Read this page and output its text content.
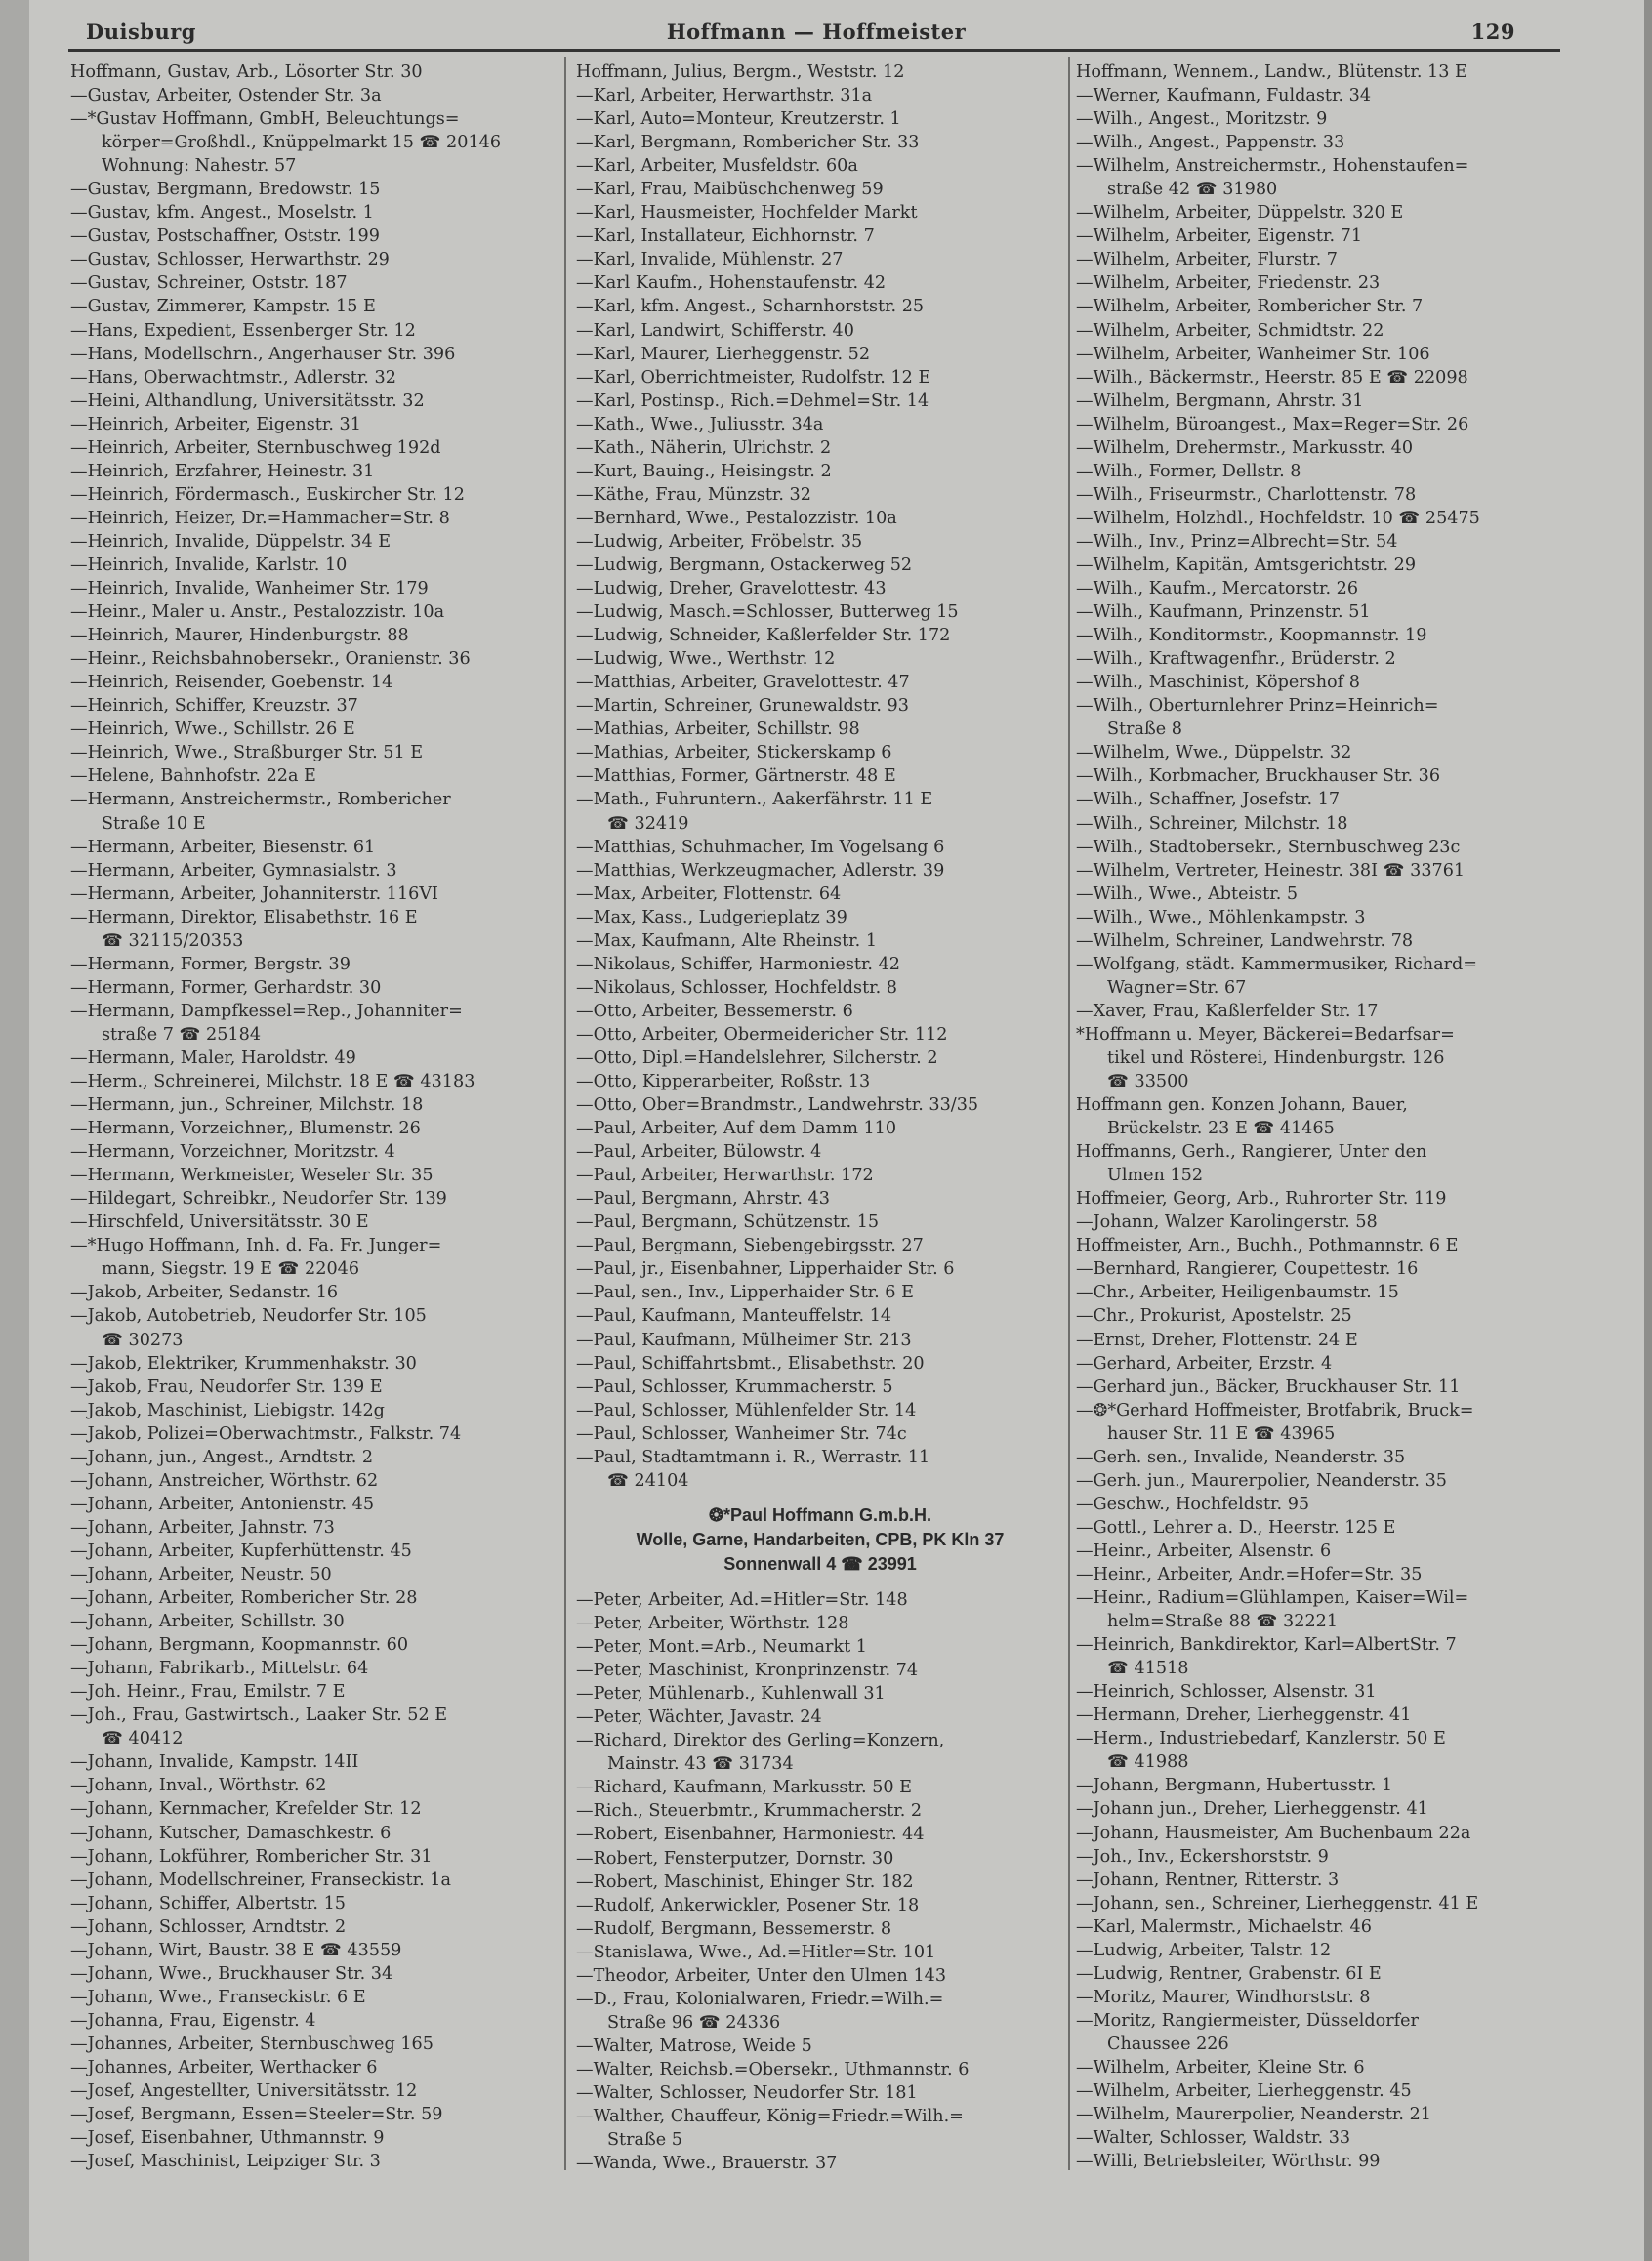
Duisburg	Hoffmann — Hoffmeister	129
Hoffmann, Gustav, Arb., Lösorter Str. 30
—Gustav, Arbeiter, Ostender Str. 3a
—*Gustav Hoffmann, GmbH, Beleuchtungs=
körper=Großhdl., Knüppelmarkt 15 ☎ 20146
Wohnung: Nahestr. 57
—Gustav, Bergmann, Bredowstr. 15
—Gustav, kfm. Angest., Moselstr. 1
—Gustav, Postschaffner, Oststr. 199
—Gustav, Schlosser, Herwarthstr. 29
—Gustav, Schreiner, Oststr. 187
—Gustav, Zimmerer, Kampstr. 15 E
—Hans, Expedient, Essenberger Str. 12
—Hans, Modellschrn., Angerhauser Str. 396
—Hans, Oberwachtmstr., Adlerstr. 32
—Heini, Althandlung, Universitätsstr. 32
—Heinrich, Arbeiter, Eigenstr. 31
—Heinrich, Arbeiter, Sternbuschweg 192d
—Heinrich, Erzfahrer, Heinestr. 31
—Heinrich, Fördermasch., Euskircher Str. 12
—Heinrich, Heizer, Dr.=Hammacher=Str. 8
—Heinrich, Invalide, Düppelstr. 34 E
—Heinrich, Invalide, Karlstr. 10
—Heinrich, Invalide, Wanheimer Str. 179
—Heinr., Maler u. Anstr., Pestalozzistr. 10a
—Heinrich, Maurer, Hindenburgstr. 88
—Heinr., Reichsbahnobersekr., Oranienstr. 36
—Heinrich, Reisender, Goebenstr. 14
—Heinrich, Schiffer, Kreuzstr. 37
—Heinrich, Wwe., Schillstr. 26 E
—Heinrich, Wwe., Straßburger Str. 51 E
—Helene, Bahnhofstr. 22a E
—Hermann, Anstreichermstr., Rombericher
Straße 10 E
—Hermann, Arbeiter, Biesenstr. 61
—Hermann, Arbeiter, Gymnasialstr. 3
—Hermann, Arbeiter, Johanniterstr. 116VI
—Hermann, Direktor, Elisabethstr. 16 E
☎ 32115/20353
—Hermann, Former, Bergstr. 39
—Hermann, Former, Gerhardstr. 30
—Hermann, Dampfkessel=Rep., Johanniter=
straße 7 ☎ 25184
—Hermann, Maler, Haroldstr. 49
—Herm., Schreinerei, Milchstr. 18 E ☎ 43183
—Hermann, jun., Schreiner, Milchstr. 18
—Hermann, Vorzeichner,, Blumenstr. 26
—Hermann, Vorzeichner, Moritzstr. 4
—Hermann, Werkmeister, Weseler Str. 35
—Hildegart, Schreibkr., Neudorfer Str. 139
—Hirschfeld, Universitätsstr. 30 E
—*Hugo Hoffmann, Inh. d. Fa. Fr. Junger=
mann, Siegstr. 19 E ☎ 22046
—Jakob, Arbeiter, Sedanstr. 16
—Jakob, Autobetrieb, Neudorfer Str. 105
☎ 30273
—Jakob, Elektriker, Krummenhakstr. 30
—Jakob, Frau, Neudorfer Str. 139 E
—Jakob, Maschinist, Liebigstr. 142g
—Jakob, Polizei=Oberwachtmstr., Falkstr. 74
—Johann, jun., Angest., Arndtstr. 2
—Johann, Anstreicher, Wörthstr. 62
—Johann, Arbeiter, Antonienstr. 45
—Johann, Arbeiter, Jahnstr. 73
—Johann, Arbeiter, Kupferhüttenstr. 45
—Johann, Arbeiter, Neustr. 50
—Johann, Arbeiter, Rombericher Str. 28
—Johann, Arbeiter, Schillstr. 30
—Johann, Bergmann, Koopmannstr. 60
—Johann, Fabrikarb., Mittelstr. 64
—Joh. Heinr., Frau, Emilstr. 7 E
—Joh., Frau, Gastwirtsch., Laaker Str. 52 E
☎ 40412
—Johann, Invalide, Kampstr. 14II
—Johann, Inval., Wörthstr. 62
—Johann, Kernmacher, Krefelder Str. 12
—Johann, Kutscher, Damaschkestr. 6
—Johann, Lokführer, Rombericher Str. 31
—Johann, Modellschreiner, Franseckistr. 1a
—Johann, Schiffer, Albertstr. 15
—Johann, Schlosser, Arndtstr. 2
—Johann, Wirt, Baustr. 38 E ☎ 43559
—Johann, Wwe., Bruckhauser Str. 34
—Johann, Wwe., Franseckistr. 6 E
—Johanna, Frau, Eigenstr. 4
—Johannes, Arbeiter, Sternbuschweg 165
—Johannes, Arbeiter, Werthacker 6
—Josef, Angestellter, Universitätsstr. 12
—Josef, Bergmann, Essen=Steeler=Str. 59
—Josef, Eisenbahner, Uthmannstr. 9
—Josef, Maschinist, Leipziger Str. 3
Hoffmann, Julius, Bergm., Weststr. 12
—Karl, Arbeiter, Herwarthstr. 31a
—Karl, Auto=Monteur, Kreutzerstr. 1
—Karl, Bergmann, Rombericher Str. 33
—Karl, Arbeiter, Musfeldstr. 60a
—Karl, Frau, Maibüschchenweg 59
—Karl, Hausmeister, Hochfelder Markt
—Karl, Installateur, Eichhornstr. 7
—Karl, Invalide, Mühlenstr. 27
—Karl Kaufm., Hohenstaufenstr. 42
—Karl, kfm. Angest., Scharnhorststr. 25
—Karl, Landwirt, Schifferstr. 40
—Karl, Maurer, Lierheggenstr. 52
—Karl, Oberrichtmeister, Rudolfstr. 12 E
—Karl, Postinsp., Rich.=Dehmel=Str. 14
—Kath., Wwe., Juliusstr. 34a
—Kath., Näherin, Ulrichstr. 2
—Kurt, Bauing., Heisingstr. 2
—Käthe, Frau, Münzstr. 32
—Bernhard, Wwe., Pestalozzistr. 10a
—Ludwig, Arbeiter, Fröbelstr. 35
—Ludwig, Bergmann, Ostackerweg 52
—Ludwig, Dreher, Gravelottestr. 43
—Ludwig, Masch.=Schlosser, Butterweg 15
—Ludwig, Schneider, Kaßlerfelder Str. 172
—Ludwig, Wwe., Werthstr. 12
—Matthias, Arbeiter, Gravelottestr. 47
—Martin, Schreiner, Grunewaldstr. 93
—Mathias, Arbeiter, Schillstr. 98
—Mathias, Arbeiter, Stickerskamp 6
—Matthias, Former, Gärtnerstr. 48 E
—Math., Fuhruntern., Aakerfährstr. 11 E
☎ 32419
—Matthias, Schuhmacher, Im Vogelsang 6
—Matthias, Werkzeugmacher, Adlerstr. 39
—Max, Arbeiter, Flottenstr. 64
—Max, Kass., Ludgerieplatz 39
—Max, Kaufmann, Alte Rheinstr. 1
—Nikolaus, Schiffer, Harmoniestr. 42
—Nikolaus, Schlosser, Hochfeldstr. 8
—Otto, Arbeiter, Bessemerstr. 6
—Otto, Arbeiter, Obermeidericher Str. 112
—Otto, Dipl.=Handelslehrer, Silcherstr. 2
—Otto, Kipperarbeiter, Roßstr. 13
—Otto, Ober=Brandmstr., Landwehrstr. 33/35
—Paul, Arbeiter, Auf dem Damm 110
—Paul, Arbeiter, Bülowstr. 4
—Paul, Arbeiter, Herwarthstr. 172
—Paul, Bergmann, Ahrstr. 43
—Paul, Bergmann, Schützenstr. 15
—Paul, Bergmann, Siebengebirgsstr. 27
—Paul, jr., Eisenbahner, Lipperhaider Str. 6
—Paul, sen., Inv., Lipperhaider Str. 6 E
—Paul, Kaufmann, Manteuffelstr. 14
—Paul, Kaufmann, Mülheimer Str. 213
—Paul, Schiffahrtsbmt., Elisabethstr. 20
—Paul, Schlosser, Krummacherstr. 5
—Paul, Schlosser, Mühlenfelder Str. 14
—Paul, Schlosser, Wanheimer Str. 74c
—Paul, Stadtamtmann i. R., Werrastr. 11
☎ 24104
❂*Paul Hoffmann G.m.b.H.
Wolle, Garne, Handarbeiten, CPB, PK Kln 37
Sonnenwall 4 ☎ 23991
—Peter, Arbeiter, Ad.=Hitler=Str. 148
—Peter, Arbeiter, Wörthstr. 128
—Peter, Mont.=Arb., Neumarkt 1
—Peter, Maschinist, Kronprinzenstr. 74
—Peter, Mühlenarb., Kuhlenwall 31
—Peter, Wächter, Javastr. 24
—Richard, Direktor des Gerling=Konzern,
Mainstr. 43 ☎ 31734
—Richard, Kaufmann, Markusstr. 50 E
—Rich., Steuerbmtr., Krummacherstr. 2
—Robert, Eisenbahner, Harmoniestr. 44
—Robert, Fensterputzer, Dornstr. 30
—Robert, Maschinist, Ehinger Str. 182
—Rudolf, Ankerwickler, Posener Str. 18
—Rudolf, Bergmann, Bessemerstr. 8
—Stanislawa, Wwe., Ad.=Hitler=Str. 101
—Theodor, Arbeiter, Unter den Ulmen 143
—D., Frau, Kolonialwaren, Friedr.=Wilh.=
Straße 96 ☎ 24336
—Walter, Matrose, Weide 5
—Walter, Reichsb.=Obersekr., Uthmannstr. 6
—Walter, Schlosser, Neudorfer Str. 181
—Walther, Chauffeur, König=Friedr.=Wilh.=
Straße 5
—Wanda, Wwe., Brauerstr. 37
Hoffmann, Wennem., Landw., Blütenstr. 13 E
—Werner, Kaufmann, Fuldastr. 34
—Wilh., Angest., Moritzstr. 9
—Wilh., Angest., Pappenstr. 33
—Wilhelm, Anstreichermstr., Hohenstaufen=
straße 42 ☎ 31980
—Wilhelm, Arbeiter, Düppelstr. 320 E
—Wilhelm, Arbeiter, Eigenstr. 71
—Wilhelm, Arbeiter, Flurstr. 7
—Wilhelm, Arbeiter, Friedenstr. 23
—Wilhelm, Arbeiter, Rombericher Str. 7
—Wilhelm, Arbeiter, Schmidtstr. 22
—Wilhelm, Arbeiter, Wanheimer Str. 106
—Wilh., Bäckermstr., Heerstr. 85 E ☎ 22098
—Wilhelm, Bergmann, Ahrstr. 31
—Wilhelm, Büroangest., Max=Reger=Str. 26
—Wilhelm, Drehermstr., Markusstr. 40
—Wilh., Former, Dellstr. 8
—Wilh., Friseurmstr., Charlottenstr. 78
—Wilhelm, Holzhdl., Hochfeldstr. 10 ☎ 25475
—Wilh., Inv., Prinz=Albrecht=Str. 54
—Wilhelm, Kapitän, Amtsgerichtstr. 29
—Wilh., Kaufm., Mercatorstr. 26
—Wilh., Kaufmann, Prinzenstr. 51
—Wilh., Konditormstr., Koopmannstr. 19
—Wilh., Kraftwagenfhr., Brüderstr. 2
—Wilh., Maschinist, Köpershof 8
—Wilh., Oberturnlehrer Prinz=Heinrich=
Straße 8
—Wilhelm, Wwe., Düppelstr. 32
—Wilh., Korbmacher, Bruckhauser Str. 36
—Wilh., Schaffner, Josefstr. 17
—Wilh., Schreiner, Milchstr. 18
—Wilh., Stadtobersekr., Sternbuschweg 23c
—Wilhelm, Vertreter, Heinestr. 38I ☎ 33761
—Wilh., Wwe., Abteistr. 5
—Wilh., Wwe., Möhlenkampstr. 3
—Wilhelm, Schreiner, Landwehrstr. 78
—Wolfgang, städt. Kammermusiker, Richard=
Wagner=Str. 67
—Xaver, Frau, Kaßlerfelder Str. 17
*Hoffmann u. Meyer, Bäckerei=Bedarfsar=
tikel und Rösterei, Hindenburgstr. 126
☎ 33500
Hoffmann gen. Konzen Johann, Bauer,
Brückelstr. 23 E ☎ 41465
Hoffmanns, Gerh., Rangierer, Unter den
Ulmen 152
Hoffmeier, Georg, Arb., Ruhrorter Str. 119
—Johann, Walzer Karolingerstr. 58
Hoffmeister, Arn., Buchh., Pothmannstr. 6 E
—Bernhard, Rangierer, Coupettestr. 16
—Chr., Arbeiter, Heiligenbaumstr. 15
—Chr., Prokurist, Apostelstr. 25
—Ernst, Dreher, Flottenstr. 24 E
—Gerhard, Arbeiter, Erzstr. 4
—Gerhard jun., Bäcker, Bruckhauser Str. 11
—❂*Gerhard Hoffmeister, Brotfabrik, Bruck=
hauser Str. 11 E ☎ 43965
—Gerh. sen., Invalide, Neanderstr. 35
—Gerh. jun., Maurerpolier, Neanderstr. 35
—Geschw., Hochfeldstr. 95
—Gottl., Lehrer a. D., Heerstr. 125 E
—Heinr., Arbeiter, Alsenstr. 6
—Heinr., Arbeiter, Andr.=Hofer=Str. 35
—Heinr., Radium=Glühlampen, Kaiser=Wil=
helm=Straße 88 ☎ 32221
—Heinrich, Bankdirektor, Karl=AlbertStr. 7
☎ 41518
—Heinrich, Schlosser, Alsenstr. 31
—Hermann, Dreher, Lierheggenstr. 41
—Herm., Industriebedarf, Kanzlerstr. 50 E
☎ 41988
—Johann, Bergmann, Hubertusstr. 1
—Johann jun., Dreher, Lierheggenstr. 41
—Johann, Hausmeister, Am Buchenbaum 22a
—Joh., Inv., Eckershorststr. 9
—Johann, Rentner, Ritterstr. 3
—Johann, sen., Schreiner, Lierheggenstr. 41 E
—Karl, Malermstr., Michaelstr. 46
—Ludwig, Arbeiter, Talstr. 12
—Ludwig, Rentner, Grabenstr. 6I E
—Moritz, Maurer, Windhorststr. 8
—Moritz, Rangiermeister, Düsseldorfer
Chaussee 226
—Wilhelm, Arbeiter, Kleine Str. 6
—Wilhelm, Arbeiter, Lierheggenstr. 45
—Wilhelm, Maurerpolier, Neanderstr. 21
—Walter, Schlosser, Waldstr. 33
—Willi, Betriebsleiter, Wörthstr. 99
